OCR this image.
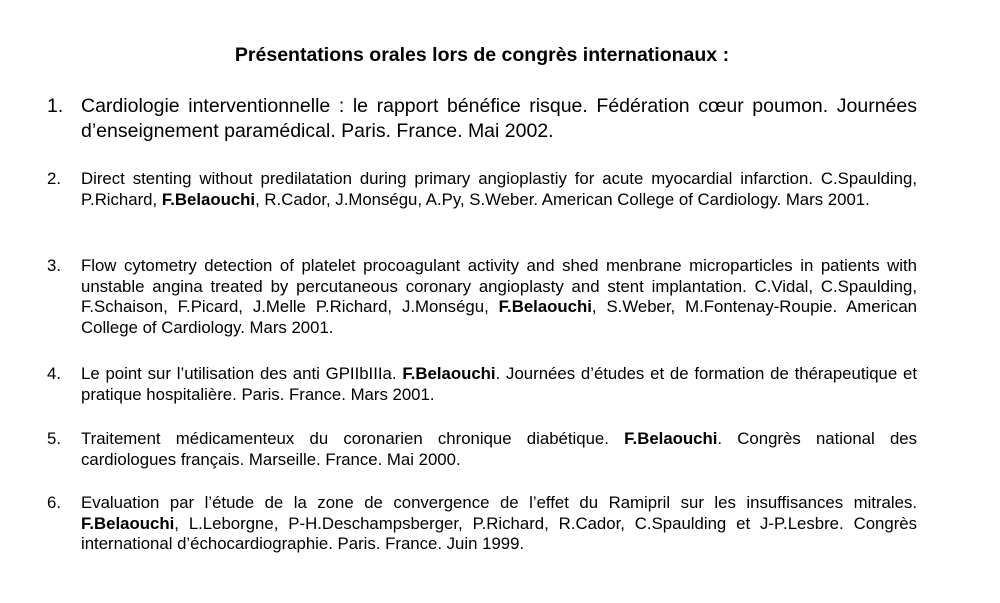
Présentations orales lors de congrès internationaux :
1. Cardiologie interventionnelle : le rapport bénéfice risque. Fédération cœur poumon. Journées d’enseignement paramédical. Paris. France. Mai 2002.
2. Direct stenting without predilatation during primary angioplastiy for acute myocardial infarction. C.Spaulding, P.Richard, F.Belaouchi, R.Cador, J.Monségu, A.Py, S.Weber. American College of Cardiology. Mars 2001.
3. Flow cytometry detection of platelet procoagulant activity and shed menbrane microparticles in patients with unstable angina treated by percutaneous coronary angioplasty and stent implantation. C.Vidal, C.Spaulding, F.Schaison, F.Picard, J.Melle P.Richard, J.Monségu, F.Belaouchi, S.Weber, M.Fontenay-Roupie. American College of Cardiology. Mars 2001.
4. Le point sur l’utilisation des anti GPIIbIIIa. F.Belaouchi. Journées d’études et de formation de thérapeutique et pratique hospitalière. Paris. France. Mars 2001.
5. Traitement médicamenteux du coronarien chronique diabétique. F.Belaouchi. Congrès national des cardiologues français. Marseille. France. Mai 2000.
6. Evaluation par l’étude de la zone de convergence de l’effet du Ramipril sur les insuffisances mitrales. F.Belaouchi, L.Leborgne, P-H.Deschampsberger, P.Richard, R.Cador, C.Spaulding et J-P.Lesbre. Congrès international d’échocardiographie. Paris. France. Juin 1999.
